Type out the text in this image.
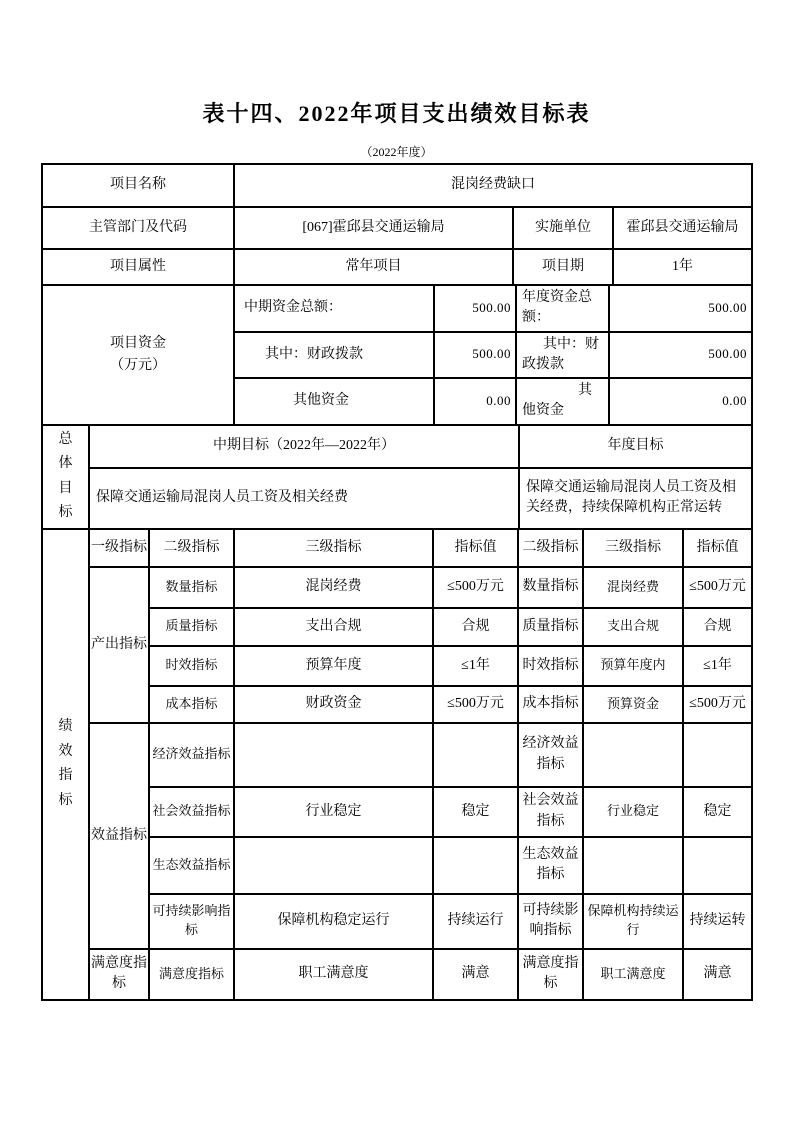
表十四、2022年项目支出绩效目标表
（2022年度）
项目名称	混岗经费缺口		
主管部门及代码	[067]霍邱县交通运输局	实施单位	霍邱县交通运输局
项目属性	常年项目	项目期	1年
项目资金（万元）	中期资金总额：	500.00	年度资金总额：	500.00
	其中：财政拨款	500.00	其中：财政拨款	500.00
	其他资金	0.00	其他资金	0.00
总体目标	中期目标（2022年—2022年）	年度目标
	保障交通运输局混岗人员工资及相关经费	保障交通运输局混岗人员工资及相关经费，持续保障机构正常运转
绩效指标	一级指标	二级指标	三级指标	指标值	二级指标	三级指标	指标值
	产出指标	数量指标	混岗经费	≤500万元	数量指标	混岗经费	≤500万元
		质量指标	支出合规	合规	质量指标	支出合规	合规
		时效指标	预算年度	≤1年	时效指标	预算年度内	≤1年
		成本指标	财政资金	≤500万元	成本指标	预算资金	≤500万元
	效益指标	经济效益指标			经济效益指标		
		社会效益指标	行业稳定	稳定	社会效益指标	行业稳定	稳定
		生态效益指标			生态效益指标		
		可持续影响指标	保障机构稳定运行	持续运行	可持续影响指标	保障机构持续运行	持续运转
	满意度指标	满意度指标	职工满意度	满意	满意度指标	职工满意度	满意
